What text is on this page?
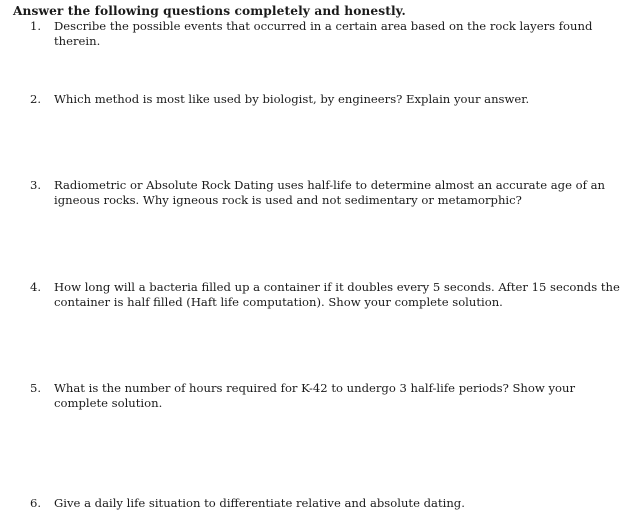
Answer the following questions completely and honestly.
1.	Describe the possible events that occurred in a certain area based on the rock layers found therein.
2.	Which method is most like used by biologist, by engineers? Explain your answer.
3.	Radiometric or Absolute Rock Dating uses half-life to determine almost an accurate age of an igneous rocks. Why igneous rock is used and not sedimentary or metamorphic?
4.	How long will a bacteria filled up a container if it doubles every 5 seconds. After 15 seconds the container is half filled (Haft life computation). Show your complete solution.
5.	What is the number of hours required for K-42 to undergo 3 half-life periods? Show your complete solution.
6.	Give a daily life situation to differentiate relative and absolute dating.
